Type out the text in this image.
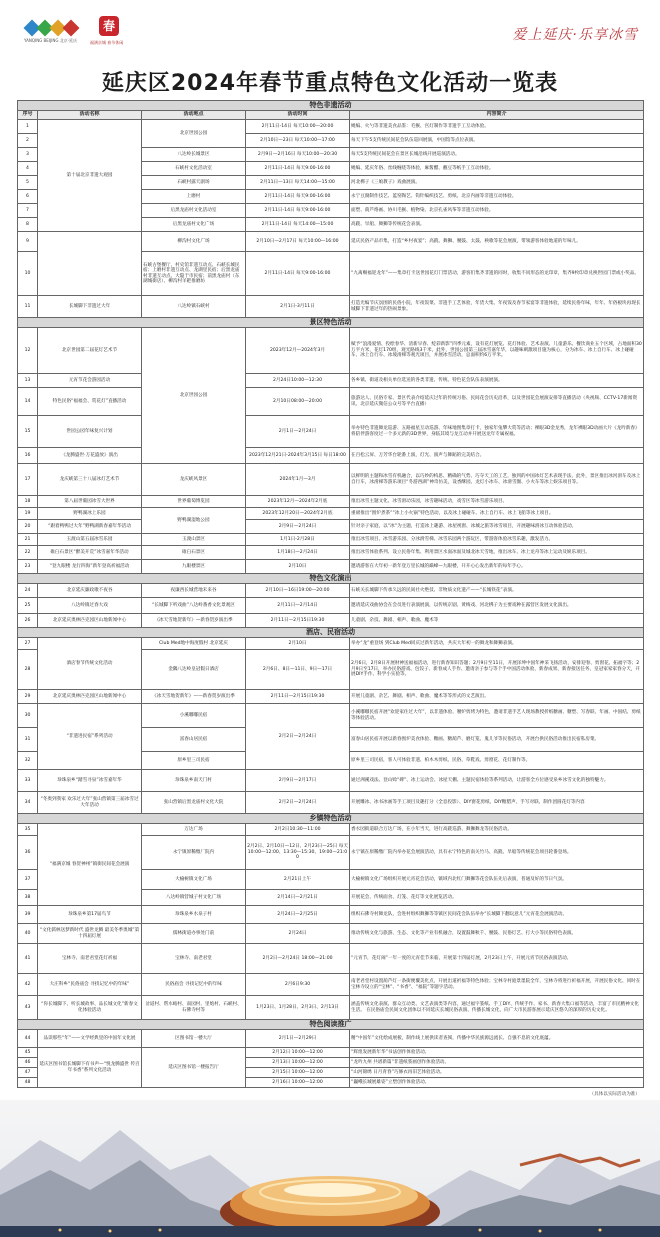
YANQING BEIJING 北京·延庆
春
福满京城 春节休闲	爱上延庆·乐享冰雪
延庆区2024年春节重点特色文化活动一览表
特色非遗活动				
序号	活动名称	活动地点	活动时间	内容简介
1	第十届北京非遗大观园	北京世园公园	2月11日-14日 每天10:00—20:00	绳编、火勺等非遗美食品鉴：毛猴、宫灯制作等非遗手工互动体验。
2			2月10日—23日 每天10:00—17:00	每天下午5支传统民间花会队伍巡回展演，中国馆等点位表演。
3		八达岭长城景区	2月9日—2月16日 每天10:00—20:30	每天5支传统民间花会在景区长城沿线开展巡演活动。
4		石峡村文化活动室	2月11日-14日 每天9:00-16:00	绳编、延庆年俗、丝线缠绕等体验，麻酱醋、蘸豆等纸手工互动体验。
5		石峡村露天剧场	2月11日—13日 每天14:00—15:00	河北梆子《三娘教子》戏曲展演。
6		上磨村	2月11日-14日 每天9:00-16:00	永宁豆腐制作技艺、蓝窑陶艺、钩针编织技艺、剪纸、北京内画等非遗互动体验。
7		后黑龙庙村文化活动室	2月11日-14日 每天9:00-16:00	面塑、葫芦烙画、协川毛猴、植物染、北京孔雀风筝等非遗互动体验。
8		后黑龙庙村文化广场	2月11日-14日 每天14:00—15:00	高跷、旱船、舞狮等传统花会表演。
9		柳沟村文化广场	2月10日—2月17日 每天10:00—16:00	延庆民俗产品市集，打造“乡村夜宴”；高跷、舞狮、腰鼓、太鼓、秧歌等花会展演，带领游客体验地道的年味儿。
10		石峡古堡餐厅、村史馆非遗互动点、石峡长城民宿；上磨村非遗互动点、龙湖里民宿；后黑龙庙村非遗互动点、大隐于市民宿；前黑龙庙村（东湖城街店）、柳沟村羊耙推磨坊	2月11日-14日 每天9:00-16:00	“九离赐福迎龙年”——集章打卡送世园花灯门票活动，游客们集齐非遗的同时，收集不同形态的龙印章，集齐9枚印章兑换世园门票或小奖品。
11	长城脚下非遗过大年	八达岭镇石峡村	2月1日-3月11日	打造光编节庆氛围的民俗小院，年夜饭菜、非遗手工艺体验，年货大集、年夜饭及春节家宴等非遗体验，延续民俗年味，年年、年俗板块再现长城脚下非遗过年的热闹景象。
景区特色活动				
12	北京世园第二届花灯艺术节	北京世园公园	2023年12月—2024年3月	赋予“浪漫爱情、投绘春华、清新早春、绽彩新影”四季元素，设有花灯展览、花灯体验、艺术表演、儿童游乐、餐饮商业五个区域，占地面积30万平方米，花灯170组，观光路线3千米，此外，世园公园第三届冰雪嘉年华，以趣味刺激项目施为核心，分为冰车、冰上自行车、冰上碰碰车、冰上自行车、冰坡滑梯等观光项目，并展冰雪活动，总面积约6万平米。
13	元宵节花会游园活动		2月24日10:00—12:30	各乡镇、街道及相关单位选送的各类非遗、传统、特色花会队伍表演展演。
14	特色民俗“福福会、赏花灯”直播活动		2月10日08:00—20:00	旅游达人、民俗专家、景区代表介绍延庆过年的传统习俗、民间花会历史沿革，以及世园花会展演安排等直播活动（央视频、CCTV-17新闻资讯、北京延庆微信公众号等平台直播）
15	世园公园年味复兴计划		2月1日—2月24日	举办特色非遗舞龙巡游、五路福星互动巡游、年味地图集章打卡，独家年兔攀大赏等活动；裸眼3D金龙秀，龙年裸眼3D动画大片《龙吟新春》将陪伴游客度过一个多元新的3D世界，身临其境与龙互动并开展送龙年专属祝福。
16	《龙腾盛世·万花盛放》演出		2023年12月21日-2024年3月15日 每日18:00	在百松云屏、万芳华台轮番上演，灯光、演声与舞蹈的完美结合。
17	龙庆峡第三十八届冰灯艺术节	龙庆峡风景区	2024年1月—3月	以鲜明的主题和冰雪有机融合，以巧妙的构思、精确的气势、巧夺天工的工艺，独到的中国冰灯艺术表现手法，此外，景区推出冰河滑车及冰上自行车，冰滑梯等游乐项目“冬游西湖”神奇仿美，设香酥园、龙灯小冰车、冰滑雪圈、小火车等冰上娱乐项目等。
18	第八届世葡园冰雪大世界	世界葡萄博览园	2023年12月—2024年2月底	推出冰雪主题文化、冰雪滑动乐园，冰雪趣味活动，戏雪区等冰雪游乐项目。
19	野鸭湖冰上乐园	野鸭湖湿地公园	2023年12月20日—2024年2月底	重磅推出“围炉煮茶”“冰上小火锅”特色活动，以及冰上碰碰车、冰上自行车、冰上飞船等冰上项目。
20	“跟着鸭鸭过大年”野鸭湖新春嘉年华活动		2月9日—2月24日	针对亲子家庭，以“冰”为主题，打造冰上趣游、冰屋视窗、冰城之旅等冰雪项目，开展趣味滑冰互动体验活动。
21	玉渡山第五届冰雪乐园	玉渡山景区	1月1日-2月28日	推出冰雪项目、冰雪游乐园、分冰滑雪梯、冰雪乐园两个游玩区，带游客体验冰雪乐趣，激发活力。
22	碓臼石景区“醉美开荒”冰雪嘉年华活动	碓臼石景区	1月18日—2月24日	推出冰雪体验系列、设立民俗年集、利用景区水面冰面及城北冰天雪地，推出冰车、冰上龙舟等冰上运动及娱乐项目。
23	“登九眼楼 龙行四海”新年登高祈福活动	九眼楼景区	2月10日	邀请游客在大年初一新年登万里长城的巅峰—九眼楼，开开心心发出新年的每年手心。
特色文化演出				
24	北京延庆廉政歌不夜谷	夜廉西长城营地未来谷	2月10日—16日19:00—20:00	石峡关长城脚下传承久远的民间社火绝技、非物质文化遗产——“长城铁花”表演。
25	八达岭镇过春大戏	“长城脚下听戏曲”八达岭番香文化景观区	2月11日—2月14日	邀请延庆戏曲协会在会员进行表演展演，以传统京剧、黄梅戏、河北梆子为主要戏种在露营区发展文化演出。
26	北京延庆奥林匹克园区山地新闻中心	《冰天雪地贺新年》—新春贺岁演出季	2月11日—2月15日19:30	儿童剧、杂技、舞剧、相声、歌曲、魔术等
酒店、民宿活动				
27	酒店春节传统文化活动	Club Med地中海度假村 北京延庆	2月10日	举办“龙”重登场 到Club Med同庆过新年活动，共庆大年初一的舞龙和舞狮表演。
28		金隅八达岭皇冠假日酒店	2月6日、8日—11日、9日—17日	2月6日，2月8日开展财神送福福活动，进行新春知识答题；2月9日至11日，开展泽坤中国年神采飞扬活动，安排迎春、剪窗花、拓福字等；2月9日至17日，举办民俗游戏、包饺子、新春成人手作、邀请亲子参与等个手中国活动体验，新春成果、新春接送任务、皇冠家家家春分天，开展DIY手作、科学小实验等。
29	北京延庆奥林匹克园区山地新闻中心	《冰天雪地贺新年》——新春贺岁演出季	2月11日—2月15日19:30	开展儿童剧、杂艺、舞剧、相声、歌曲、魔术等等形式的文艺演出。
30	“非遗进民宿”系列活动	小溪嘟嘟民宿	2月2日—2月24日	小溪嘟嘟民宿开展“欢迎家住过大年”，以非遗体验、腰炉剪烤为特色，邀请非遗手艺人现场教授折纸糖画、糖塑、写春联、年画、中国结、剪纸等体验活动。
31		富春山居民宿		富春山居民宿开展以新春围炉美食体验、糖画、糖葫芦、磨灯笼、鬼儿爷等民俗活动，开展台供民俗活动推出民宿私房菜。
32		原乡里三司民宿		原乡里三司民宿，客人可体验非遗、柏木木剪纸、民俗、草鞋戏、剪窗花、花灯制作等。
33	珍珠泉乡“踏雪寻泉”冰雪嘉年华	珍珠泉乡南天门村	2月9日—2月17日	通过洲溪戏法、登山赊“碑”、冰上运动会、冰屋天棚、主题民宿体验等系列活动，让游客全方位感受泉乡冰雪文化的独特魅力。
34	“冬奥到我家 欢乐过大年”张山营镇第三届冰雪过大年活动	张山营镇后黑龙庙村文化大院	2月2日—2月24日	开展雕冰、冰书冰画等手工项目及趣打分（全息投影）、DIY窗花剪纸、DIY糖腊声、手写对联、制作团圆花灯等内容
乡镇特色活动				
35	“福满京城 春贺神州”镇街民间花会展演	万达广场	2月2日10:30—11:00	香水园街道联合万达广场，在小年当天，进行高跷巡游、舞狮舞龙等民俗活动。
36		永宁镇原稀缴厂院内	2月2日、2月10日—12日、2月23日—25日 每天10:00—12:00、13:30—15:30、19:00—21:00	永宁镇在原稀缴厂院内举办花会展演活动，具有永宁特色的南关竹马、高跷、旱船等传统花会项目轮番登场。
37		大榆树镇文化广场	2月21日上午	大榆树镇文化广场组织开展元宵花会活动，镇域内北红门舞狮等花会队伍先后表演，普通及好的节日气氛。
38		八达岭镇营城子村文化广场	2月14日—2月21日	开展花会、传统面食、灯笼、花灯等文化展览活动。
39	珍珠泉乡第17届鸟节	珍珠泉乡水泉子村	2月24日—2月25日	组织石佛寺村舞龙队，会进村组织舞狮等等镇区民间花会队伍举办“长城脚下翻玩意儿”元宵花会展演活动。
40	“文化儒林送梦新时代 盛世龙腾 最美冬季奥城”第十四届灯展	儒林街道办事处门前	2月24日	推动传统文化与旅游、生态、文化等产业有机融合，设置鼓舞秋千、腰鼓、民俗灯艺、打大小等民俗特色表演。
41	宝林寺、南老君堂花灯祈福	宝林寺、南老君堂	2月2日—2月24日 18:00—21:00	“元宵节，花灯闹”一年一度的元宵佳节来临，开展第十四届灯展，2月23日上午，开展元宵节民俗表演活动。
42	大庄科乡“民俗庙会 寻找记忆中的年味”	民俗庙会 寻找记忆中的年味	2月6日9:30	南老君堂村设置葫芦灯一条街便覆美化点，开展出道祈福等特色体验；宝林寺村庭景墨院全年，宝林寺将进行祈福开展，开展民俗文化、同时在宝林寺设立的“宝林”、“书香”、“福院”等题字活动。
43	“你长城脚下、听长城故事、品长城文化”新春文化体验活动	岔道村、帮水峪村、南园村、里炮村、石峡村、石佛寺村等	1月23日、1月28日、2月3日、2月13日	涵盖传统文化表演、群众互动类、文艺表演类等内容，通过福字篆纸、手工DIY、传统手作、家书、新春大集口福等活动，丰富了市民精神文化生活。 在民俗庙会民间文化团体以不同延庆长城民俗表演、传播长城文化，向广大市民游客展示延庆区悠久的深厚的历史文化。
特色阅读推广				
44	品读那些“年”——文学经典里的中国年文化展	区图书馆一楼大厅	2月1日—2月29日	精“中国年”文化绘成展板，制作线上展供读者查阅，传播中华民族源远流长、自强不息的文化底蕴。
45	延庆区图书馆长城脚下有书声—“悦龙腾盛世 传百年书香”系列文化活动	延庆区图书馆一楼报告厅	2月12日 10:00—12:00	“辉煌发展新年华”书法创作体验活动。
46			2月13日 10:00—12:00	“龙吟九州 共谱新篇”非遗纸浆画创作体验活动。
47			2月15日 10:00—12:00	“山河锦绣 日月青春”巧修衣再旧艺体验活动。
48			2月16日 10:00—12:00	“巍峨长城展雄姿”立塑创作体验活动。
（具体以实际活动为准）
